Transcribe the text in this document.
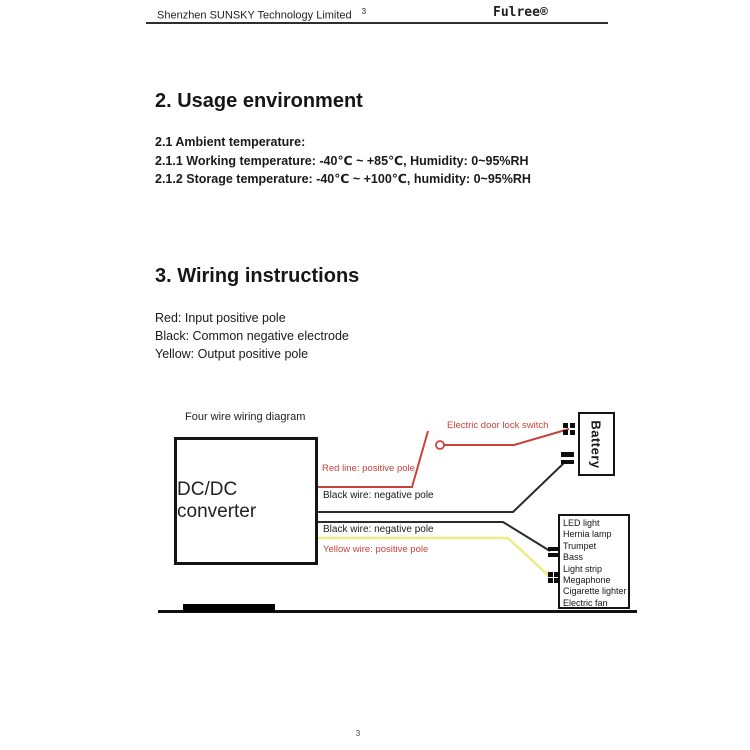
Shenzhen SUNSKY Technology Limited $^3$	Fulree®
2. Usage environment
2.1 Ambient temperature:
2.1.1 Working temperature: -40℃ ~ +85℃, Humidity: 0~95%RH
2.1.2 Storage temperature: -40℃ ~ +100℃, humidity: 0~95%RH
3. Wiring instructions
Red: Input positive pole
Black: Common negative electrode
Yellow: Output positive pole
Four wire wiring diagram
DC/DC converter
Battery
LED light
Hernia lamp
Trumpet
Bass
Light strip
Megaphone
Cigarette lighter
Electric fan
Red line: positive pole
Black wire: negative pole
Black wire: negative pole
Yellow wire: positive pole
Electric door lock switch
3
